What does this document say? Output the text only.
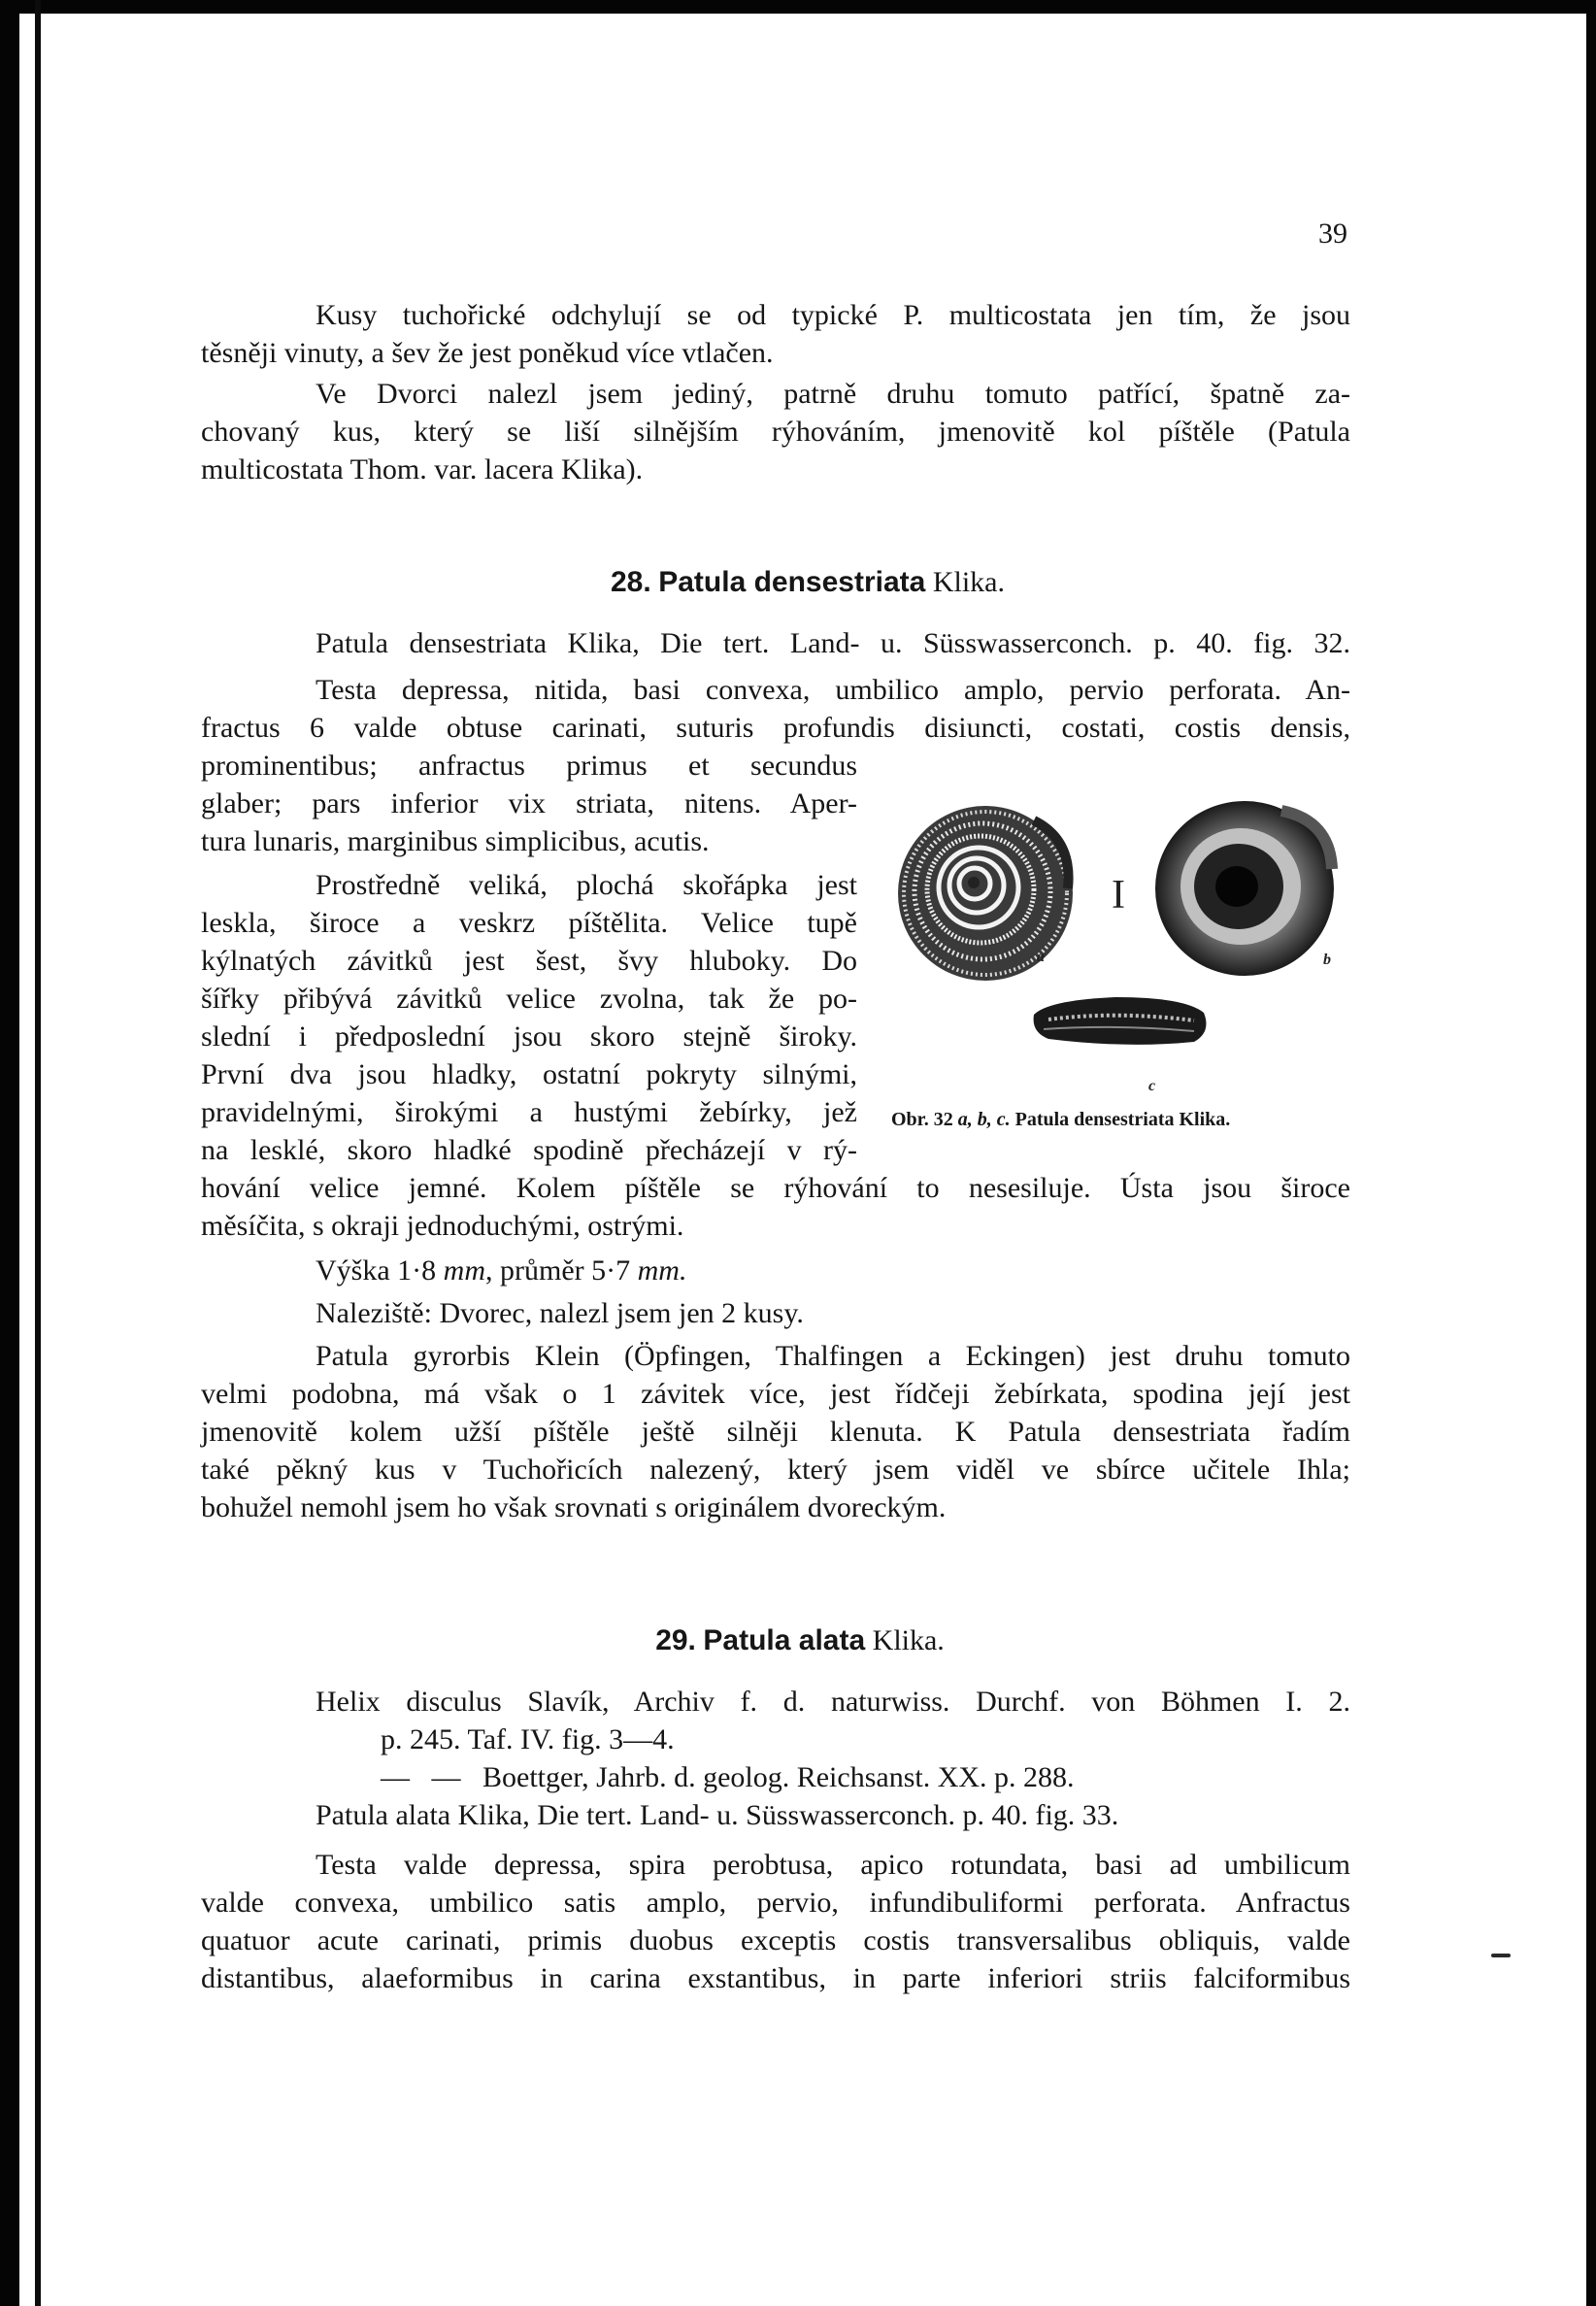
39

Kusy tuchořické odchylují se od typické P. multicostata jen tím, že jsou

těsněji vinuty, a šev že jest poněkud více vtlačen.

Ve Dvorci nalezl jsem jediný, patrně druhu tomuto patřící, špatně za-

chovaný kus, který se liší silnějším rýhováním, jmenovitě kol píštěle (Patula

multicostata Thom. var. lacera Klika).

28. Patula densestriata Klika.

Patula densestriata Klika, Die tert. Land- u. Süsswasserconch. p. 40. fig. 32.

Testa depressa, nitida, basi convexa, umbilico amplo, pervio perforata. An-

fractus 6 valde obtuse carinati, suturis profundis disiuncti, costati, costis densis,

prominentibus; anfractus primus et secundus

glaber; pars inferior vix striata, nitens. Aper-

tura lunaris, marginibus simplicibus, acutis.

Prostředně veliká, plochá skořápka jest

leskla, široce a veskrz píštělita. Velice tupě

kýlnatých závitků jest šest, švy hluboky. Do

šířky přibývá závitků velice zvolna, tak že po-

slední i předposlední jsou skoro stejně široky.

První dva jsou hladky, ostatní pokryty silnými,

pravidelnými, širokými a hustými žebírky, jež

na lesklé, skoro hladké spodině přecházejí v rý-

hování velice jemné. Kolem píštěle se rýhování to nesesiluje. Ústa jsou široce

měsíčita, s okraji jednoduchými, ostrými.

Výška 1·8 mm, průměr 5·7 mm.

Naleziště: Dvorec, nalezl jsem jen 2 kusy.

Patula gyrorbis Klein (Öpfingen, Thalfingen a Eckingen) jest druhu tomuto

velmi podobna, má však o 1 závitek více, jest řídčeji žebírkata, spodina její jest

jmenovitě kolem užší píštěle ještě silněji klenuta. K Patula densestriata řadím

také pěkný kus v Tuchořicích nalezený, který jsem viděl ve sbírce učitele Ihla;

bohužel nemohl jsem ho však srovnati s originálem dvoreckým.

I
a	b
c
Obr. 32 a, b, c. Patula densestriata Klika.
29. Patula alata Klika.

Helix disculus Slavík, Archiv f. d. naturwiss. Durchf. von Böhmen I. 2.

p. 245. Taf. IV. fig. 3—4.

—   —   Boettger, Jahrb. d. geolog. Reichsanst. XX. p. 288.

Patula alata Klika, Die tert. Land- u. Süsswasserconch. p. 40. fig. 33.

Testa valde depressa, spira perobtusa, apico rotundata, basi ad umbilicum

valde convexa, umbilico satis amplo, pervio, infundibuliformi perforata. Anfractus

quatuor acute carinati, primis duobus exceptis costis transversalibus obliquis, valde

distantibus, alaeformibus in carina exstantibus, in parte inferiori striis falciformibus
